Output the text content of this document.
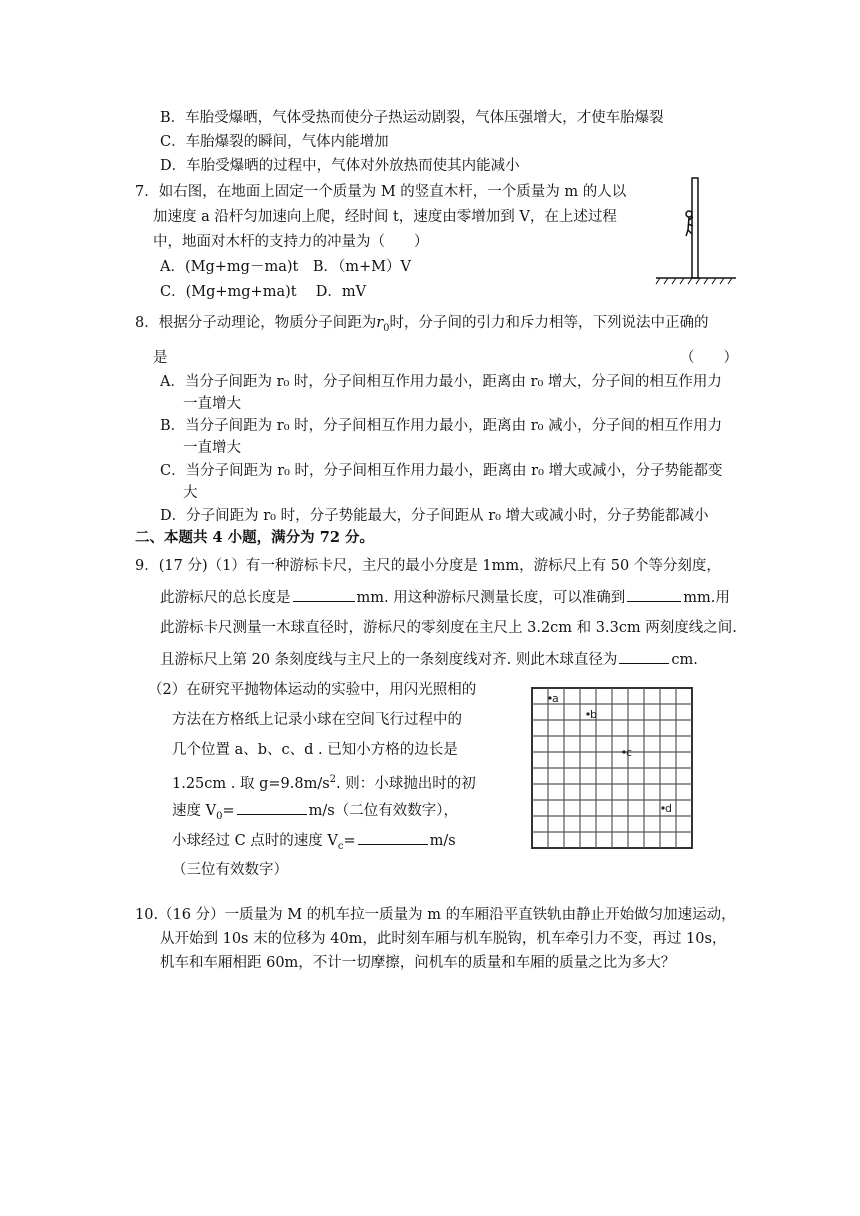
B．车胎受爆晒，气体受热而使分子热运动剧裂，气体压强增大，才使车胎爆裂
C．车胎爆裂的瞬间，气体内能增加
D．车胎受爆晒的过程中，气体对外放热而使其内能减小
7．如右图，在地面上固定一个质量为 M 的竖直木杆，一个质量为 m 的人以
加速度 a 沿杆匀加速向上爬，经时间 t，速度由零增加到 V，在上述过程
中，地面对木杆的支持力的冲量为（　　）
A．(Mg+mg－ma)t　B．（m+M）V
C．(Mg+mg+ma)t　 D．mV
8．根据分子动理论，物质分子间距为$r_0$时，分子间的引力和斥力相等，下列说法中正确的
是	（　　）
A．当分子间距为 r₀ 时，分子间相互作用力最小，距离由 r₀ 增大，分子间的相互作用力
一直增大
B．当分子间距为 r₀ 时，分子间相互作用力最小，距离由 r₀ 减小，分子间的相互作用力
一直增大
C．当分子间距为 r₀ 时，分子间相互作用力最小，距离由 r₀ 增大或减小，分子势能都变
大
D．分子间距为 r₀ 时，分子势能最大，分子间距从 r₀ 增大或减小时，分子势能都减小
二、本题共 4 小题，满分为 72 分。
9．(17 分)（1）有一种游标卡尺，主尺的最小分度是 1mm，游标尺上有 50 个等分刻度，
此游标尺的总长度是	mm. 用这种游标尺测量长度，可以准确到	mm.用
此游标卡尺测量一木球直径时，游标尺的零刻度在主尺上 3.2cm 和 3.3cm 两刻度线之间.
且游标尺上第 20 条刻度线与主尺上的一条刻度线对齐. 则此木球直径为	cm.
（2）在研究平抛物体运动的实验中，用闪光照相的
方法在方格纸上记录小球在空间飞行过程中的
几个位置 a、b、c、d . 已知小方格的边长是
1.25cm . 取 $g=9.8m/s^2$. 则：小球抛出时的初
速度 $V_0=$	m/s（二位有效数字），
小球经过 C 点时的速度 $V_c=$	m/s
（三位有效数字）
a
b
c
d
10.（16 分）一质量为 M 的机车拉一质量为 m 的车厢沿平直铁轨由静止开始做匀加速运动，
从开始到 10s 末的位移为 40m，此时刻车厢与机车脱钩，机车牵引力不变，再过 10s，
机车和车厢相距 60m，不计一切摩擦，问机车的质量和车厢的质量之比为多大？
